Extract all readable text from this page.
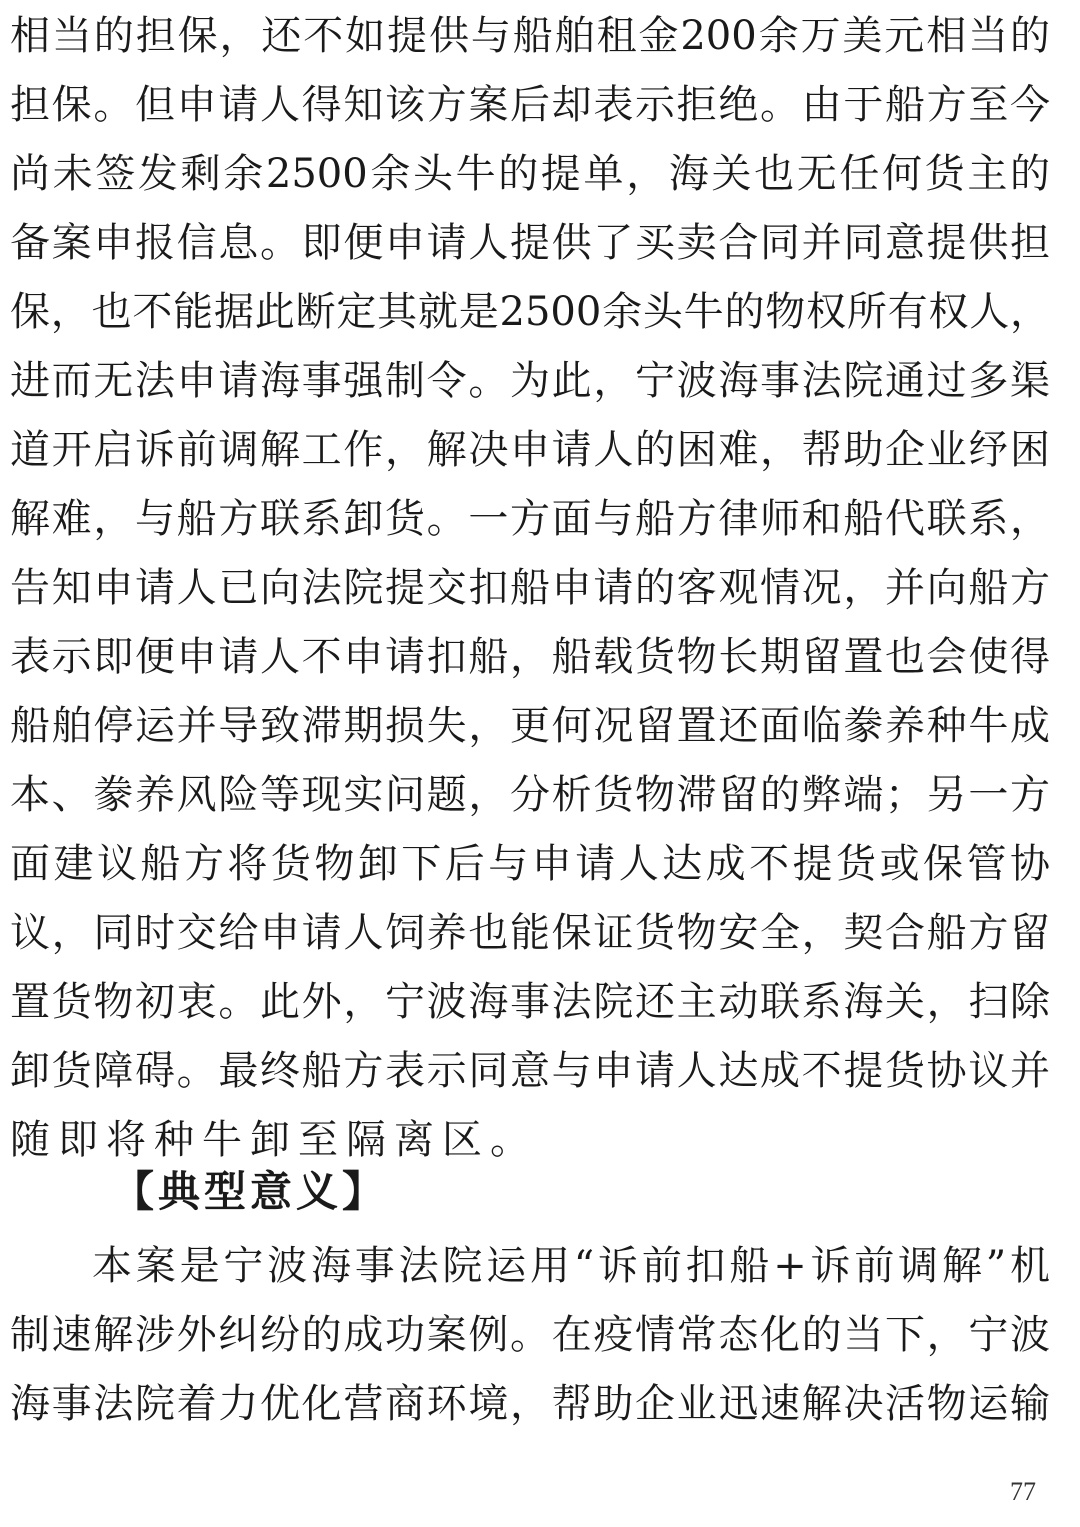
相当的担保，还不如提供与船舶租金200余万美元相当的
担保。但申请人得知该方案后却表示拒绝。由于船方至今
尚未签发剩余2500余头牛的提单，海关也无任何货主的
备案申报信息。即便申请人提供了买卖合同并同意提供担
保，也不能据此断定其就是2500余头牛的物权所有权人，
进而无法申请海事强制令。为此，宁波海事法院通过多渠
道开启诉前调解工作，解决申请人的困难，帮助企业纾困
解难，与船方联系卸货。一方面与船方律师和船代联系，
告知申请人已向法院提交扣船申请的客观情况，并向船方
表示即便申请人不申请扣船，船载货物长期留置也会使得
船舶停运并导致滞期损失，更何况留置还面临豢养种牛成
本、豢养风险等现实问题，分析货物滞留的弊端；另一方
面建议船方将货物卸下后与申请人达成不提货或保管协
议，同时交给申请人饲养也能保证货物安全，契合船方留
置货物初衷。此外，宁波海事法院还主动联系海关，扫除
卸货障碍。最终船方表示同意与申请人达成不提货协议并
随即将种牛卸至隔离区。
【典型意义】
本案是宁波海事法院运用“诉前扣船+诉前调解”机
制速解涉外纠纷的成功案例。在疫情常态化的当下，宁波
海事法院着力优化营商环境，帮助企业迅速解决活物运输
77
